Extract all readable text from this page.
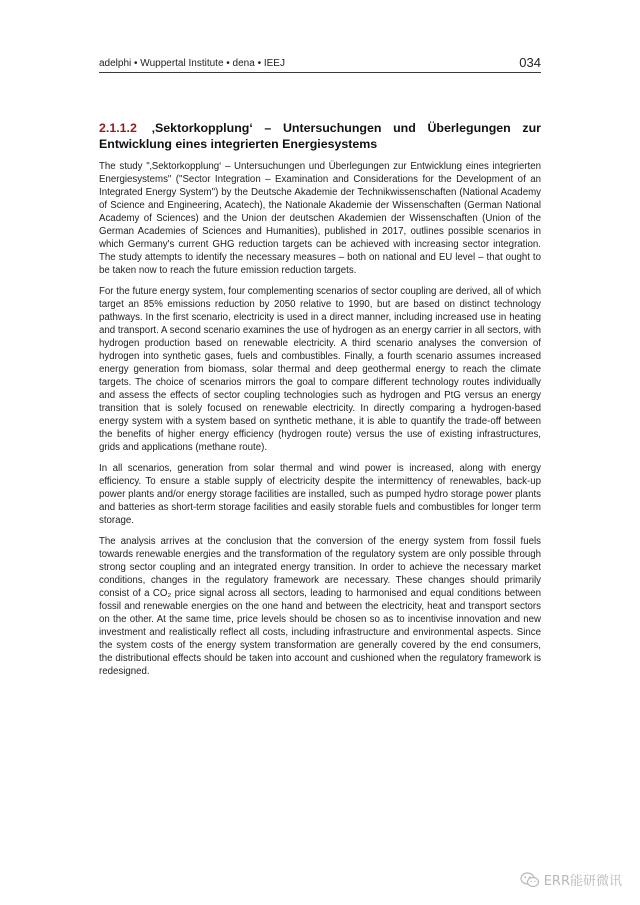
adelphi • Wuppertal Institute • dena • IEEJ	034
2.1.1.2 ‚Sektorkopplung‘ – Untersuchungen und Überlegungen zur Entwicklung eines integrierten Energiesystems

The study "‚Sektorkopplung‘ – Untersuchungen und Überlegungen zur Entwicklung eines integrierten Energiesystems" ("Sector Integration – Examination and Considerations for the Development of an Integrated Energy System") by the Deutsche Akademie der Technikwissenschaften (National Academy of Science and Engineering, Acatech), the Nationale Akademie der Wissenschaften (German National Academy of Sciences) and the Union der deutschen Akademien der Wissenschaften (Union of the German Academies of Sciences and Humanities), published in 2017, outlines possible scenarios in which Germany's current GHG reduction targets can be achieved with increasing sector integration. The study attempts to identify the necessary measures – both on national and EU level – that ought to be taken now to reach the future emission reduction targets.

For the future energy system, four complementing scenarios of sector coupling are derived, all of which target an 85% emissions reduction by 2050 relative to 1990, but are based on distinct technology pathways. In the first scenario, electricity is used in a direct manner, including increased use in heating and transport. A second scenario examines the use of hydrogen as an energy carrier in all sectors, with hydrogen production based on renewable electricity. A third scenario analyses the conversion of hydrogen into synthetic gases, fuels and combustibles. Finally, a fourth scenario assumes increased energy generation from biomass, solar thermal and deep geothermal energy to reach the climate targets. The choice of scenarios mirrors the goal to compare different technology routes individually and assess the effects of sector coupling technologies such as hydrogen and PtG versus an energy transition that is solely focused on renewable electricity. In directly comparing a hydrogen-based energy system with a system based on synthetic methane, it is able to quantify the trade-off between the benefits of higher energy efficiency (hydrogen route) versus the use of existing infrastructures, grids and applications (methane route).

In all scenarios, generation from solar thermal and wind power is increased, along with energy efficiency. To ensure a stable supply of electricity despite the intermittency of renewables, back-up power plants and/or energy storage facilities are installed, such as pumped hydro storage power plants and batteries as short-term storage facilities and easily storable fuels and combustibles for longer term storage.

The analysis arrives at the conclusion that the conversion of the energy system from fossil fuels towards renewable energies and the transformation of the regulatory system are only possible through strong sector coupling and an integrated energy transition. In order to achieve the necessary market conditions, changes in the regulatory framework are necessary. These changes should primarily consist of a CO₂ price signal across all sectors, leading to harmonised and equal conditions between fossil and renewable energies on the one hand and between the electricity, heat and transport sectors on the other. At the same time, price levels should be chosen so as to incentivise innovation and new investment and realistically reflect all costs, including infrastructure and environmental aspects. Since the system costs of the energy system transformation are generally covered by the end consumers, the distributional effects should be taken into account and cushioned when the regulatory framework is redesigned.

ERR能研微讯
